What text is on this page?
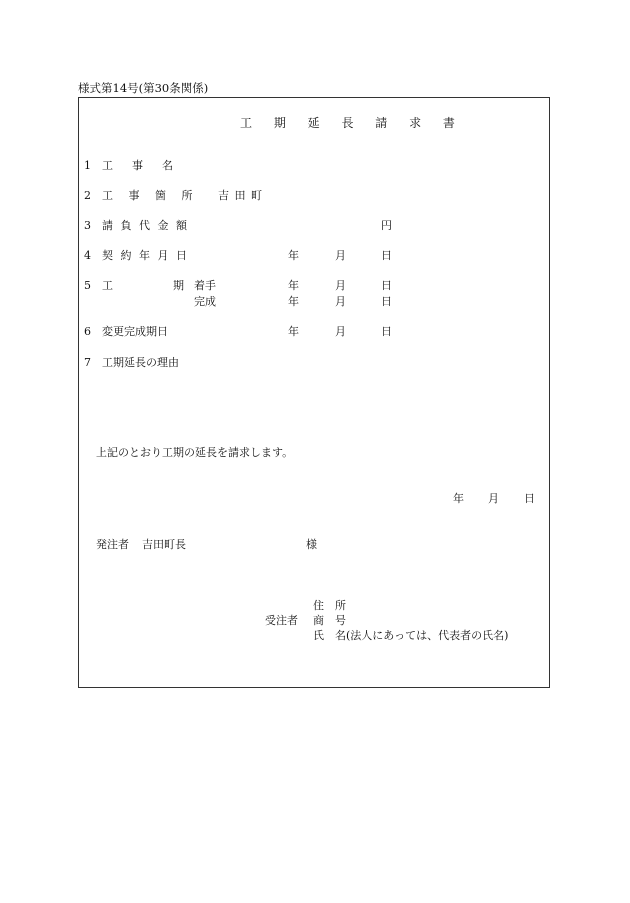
様式第14号(第30条関係)
工 期 延 長 請 求 書
1 工　事　名
2 工 事 箇 所 吉 田 町
3 請 負 代 金 額	円
4 契 約 年 月 日	年	月	日
5 工	期 着手	年	月	日
完成	年	月	日
6 変更完成期日	年	月	日
7 工期延長の理由
上記のとおり工期の延長を請求します。
年 月 日
発注者 吉田町長	様
住　所
受注者 商　号
氏　名(法人にあっては、代表者の氏名)
